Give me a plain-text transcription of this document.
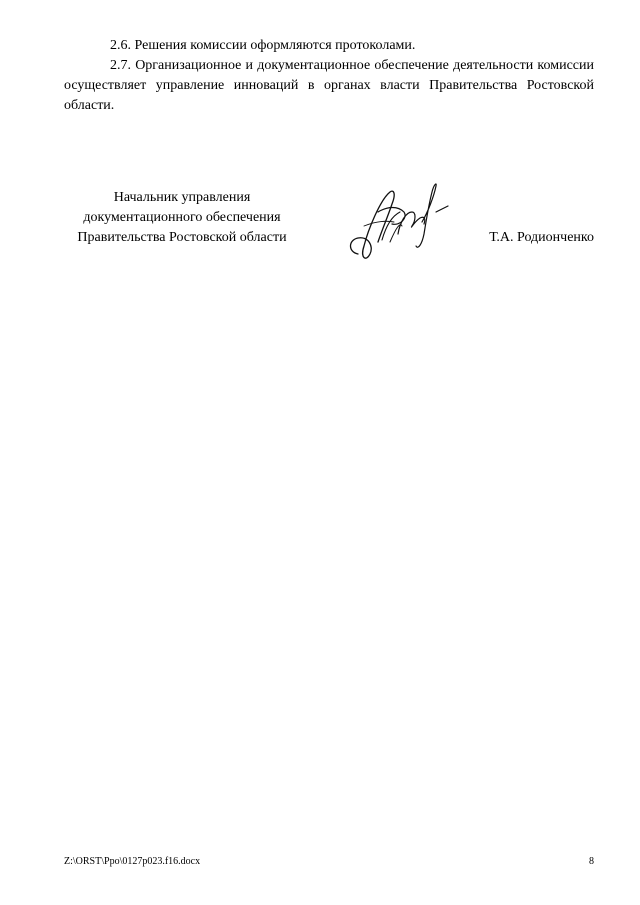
2.6. Решения комиссии оформляются протоколами.

2.7. Организационное и документационное обеспечение деятельности комиссии осуществляет управление инноваций в органах власти Правительства Ростовской области.

Начальник управления
документационного обеспечения
Правительства Ростовской области	Т.А. Родионченко
Z:\ORST\Ppo\0127p023.f16.docx	8
